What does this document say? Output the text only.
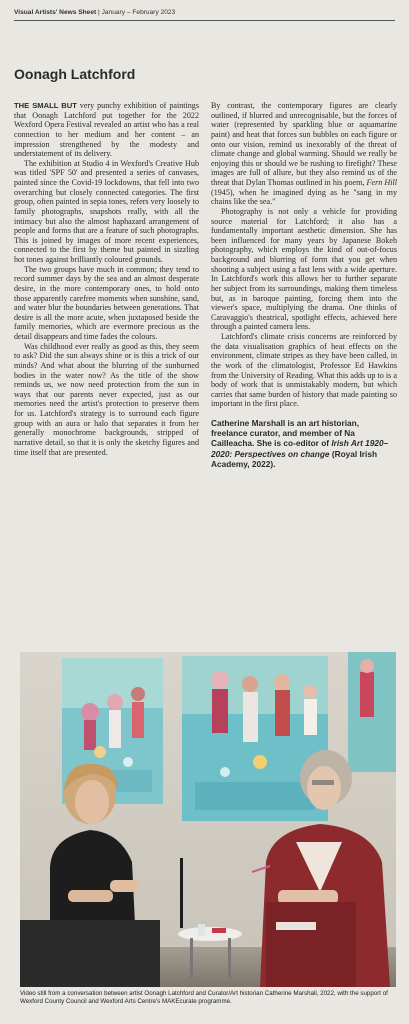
Visual Artists' News Sheet | January – February 2023
Oonagh Latchford

THE SMALL BUT very punchy exhibition of paintings that Oonagh Latchford put together for the 2022 Wexford Opera Festival revealed an artist who has a real connection to her medium and her content – an impression strengthened by the modesty and understatement of its delivery.

The exhibition at Studio 4 in Wexford's Creative Hub was titled 'SPF 50' and presented a series of canvases, painted since the Covid-19 lockdowns, that fell into two overarching but closely connected categories. The first group, often painted in sepia tones, refers very loosely to family photographs, snapshots really, with all the intimacy but also the almost haphazard arrangement of people and forms that are a feature of such photographs. This is joined by images of more recent experiences, connected to the first by theme but painted in sizzling hot tones against brilliantly coloured grounds.

The two groups have much in common; they tend to record summer days by the sea and an almost desperate desire, in the more contemporary ones, to hold onto those apparently carefree moments when sunshine, sand, and water blur the boundaries between generations. That desire is all the more acute, when juxtaposed beside the family memories, which are evermore precious as the detail disappears and time fades the colours.

Was childhood ever really as good as this, they seem to ask? Did the sun always shine or is this a trick of our minds? And what about the blurring of the sunburned bodies in the water now? As the title of the show reminds us, we now need protection from the sun in ways that our parents never expected, just as our memories need the artist's protection to preserve them for us. Latchford's strategy is to surround each figure group with an aura or halo that separates it from her generally monochrome backgrounds, stripped of narrative detail, so that it is only the sketchy figures and time itself that are presented.

By contrast, the contemporary figures are clearly outlined, if blurred and unrecognisable, but the forces of water (represented by sparkling blue or aquamarine paint) and heat that forces sun bubbles on each figure or onto our vision, remind us inexorably of the threat of climate change and global warming. Should we really be enjoying this or should we be rushing to firefight? These images are full of allure, but they also remind us of the threat that Dylan Thomas outlined in his poem, Fern Hill (1945), when he imagined dying as he "sang in my chains like the sea."

Photography is not only a vehicle for providing source material for Latchford; it also has a fundamentally important aesthetic dimension. She has been influenced for many years by Japanese Bokeh photography, which employs the kind of out-of-focus background and blurring of form that you get when shooting a subject using a fast lens with a wide aperture. In Latchford's work this allows her to further separate her subject from its surroundings, making them timeless but, as in baroque painting, forcing them into the viewer's space, multiplying the drama. One thinks of Caravaggio's theatrical, spotlight effects, achieved here through a painted camera lens.

Latchford's climate crisis concerns are reinforced by the data visualisation graphics of heat effects on the environment, climate stripes as they have been called, in the work of the climatologist, Professor Ed Hawkins from the University of Reading. What this adds up to is a body of work that is unmistakably modern, but which carries that same burden of history that made painting so important in the first place.

Catherine Marshall is an art historian, freelance curator, and member of Na Cailleacha. She is co-editor of Irish Art 1920–2020: Perspectives on change (Royal Irish Academy, 2022).
Video still from a conversation between artist Oonagh Latchford and Curator/Art historian Catherine Marshall, 2022, with the support of Wexford County Council and Wexford Arts Centre's MAKEcurate programme.
